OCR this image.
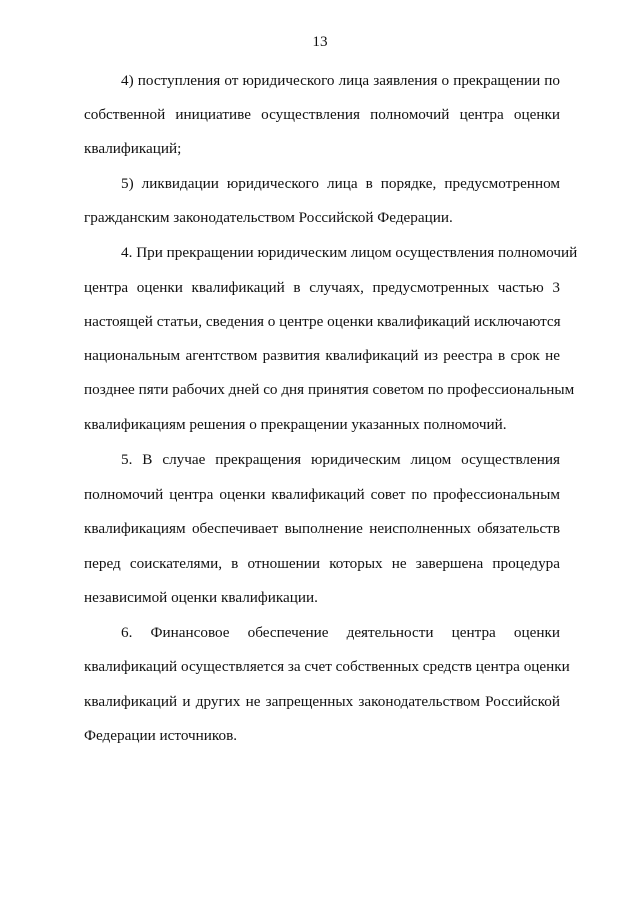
13
4) поступления от юридического лица заявления о прекращении по
собственной инициативе осуществления полномочий центра оценки
квалификаций;
5) ликвидации юридического лица в порядке, предусмотренном
гражданским законодательством Российской Федерации.
4. При прекращении юридическим лицом осуществления полномочий
центра оценки квалификаций в случаях, предусмотренных частью 3
настоящей статьи, сведения о центре оценки квалификаций исключаются
национальным агентством развития квалификаций из реестра в срок не
позднее пяти рабочих дней со дня принятия советом по профессиональным
квалификациям решения о прекращении указанных полномочий.
5. В случае прекращения юридическим лицом осуществления
полномочий центра оценки квалификаций совет по профессиональным
квалификациям обеспечивает выполнение неисполненных обязательств
перед соискателями, в отношении которых не завершена процедура
независимой оценки квалификации.
6. Финансовое обеспечение деятельности центра оценки
квалификаций осуществляется за счет собственных средств центра оценки
квалификаций и других не запрещенных законодательством Российской
Федерации источников.
